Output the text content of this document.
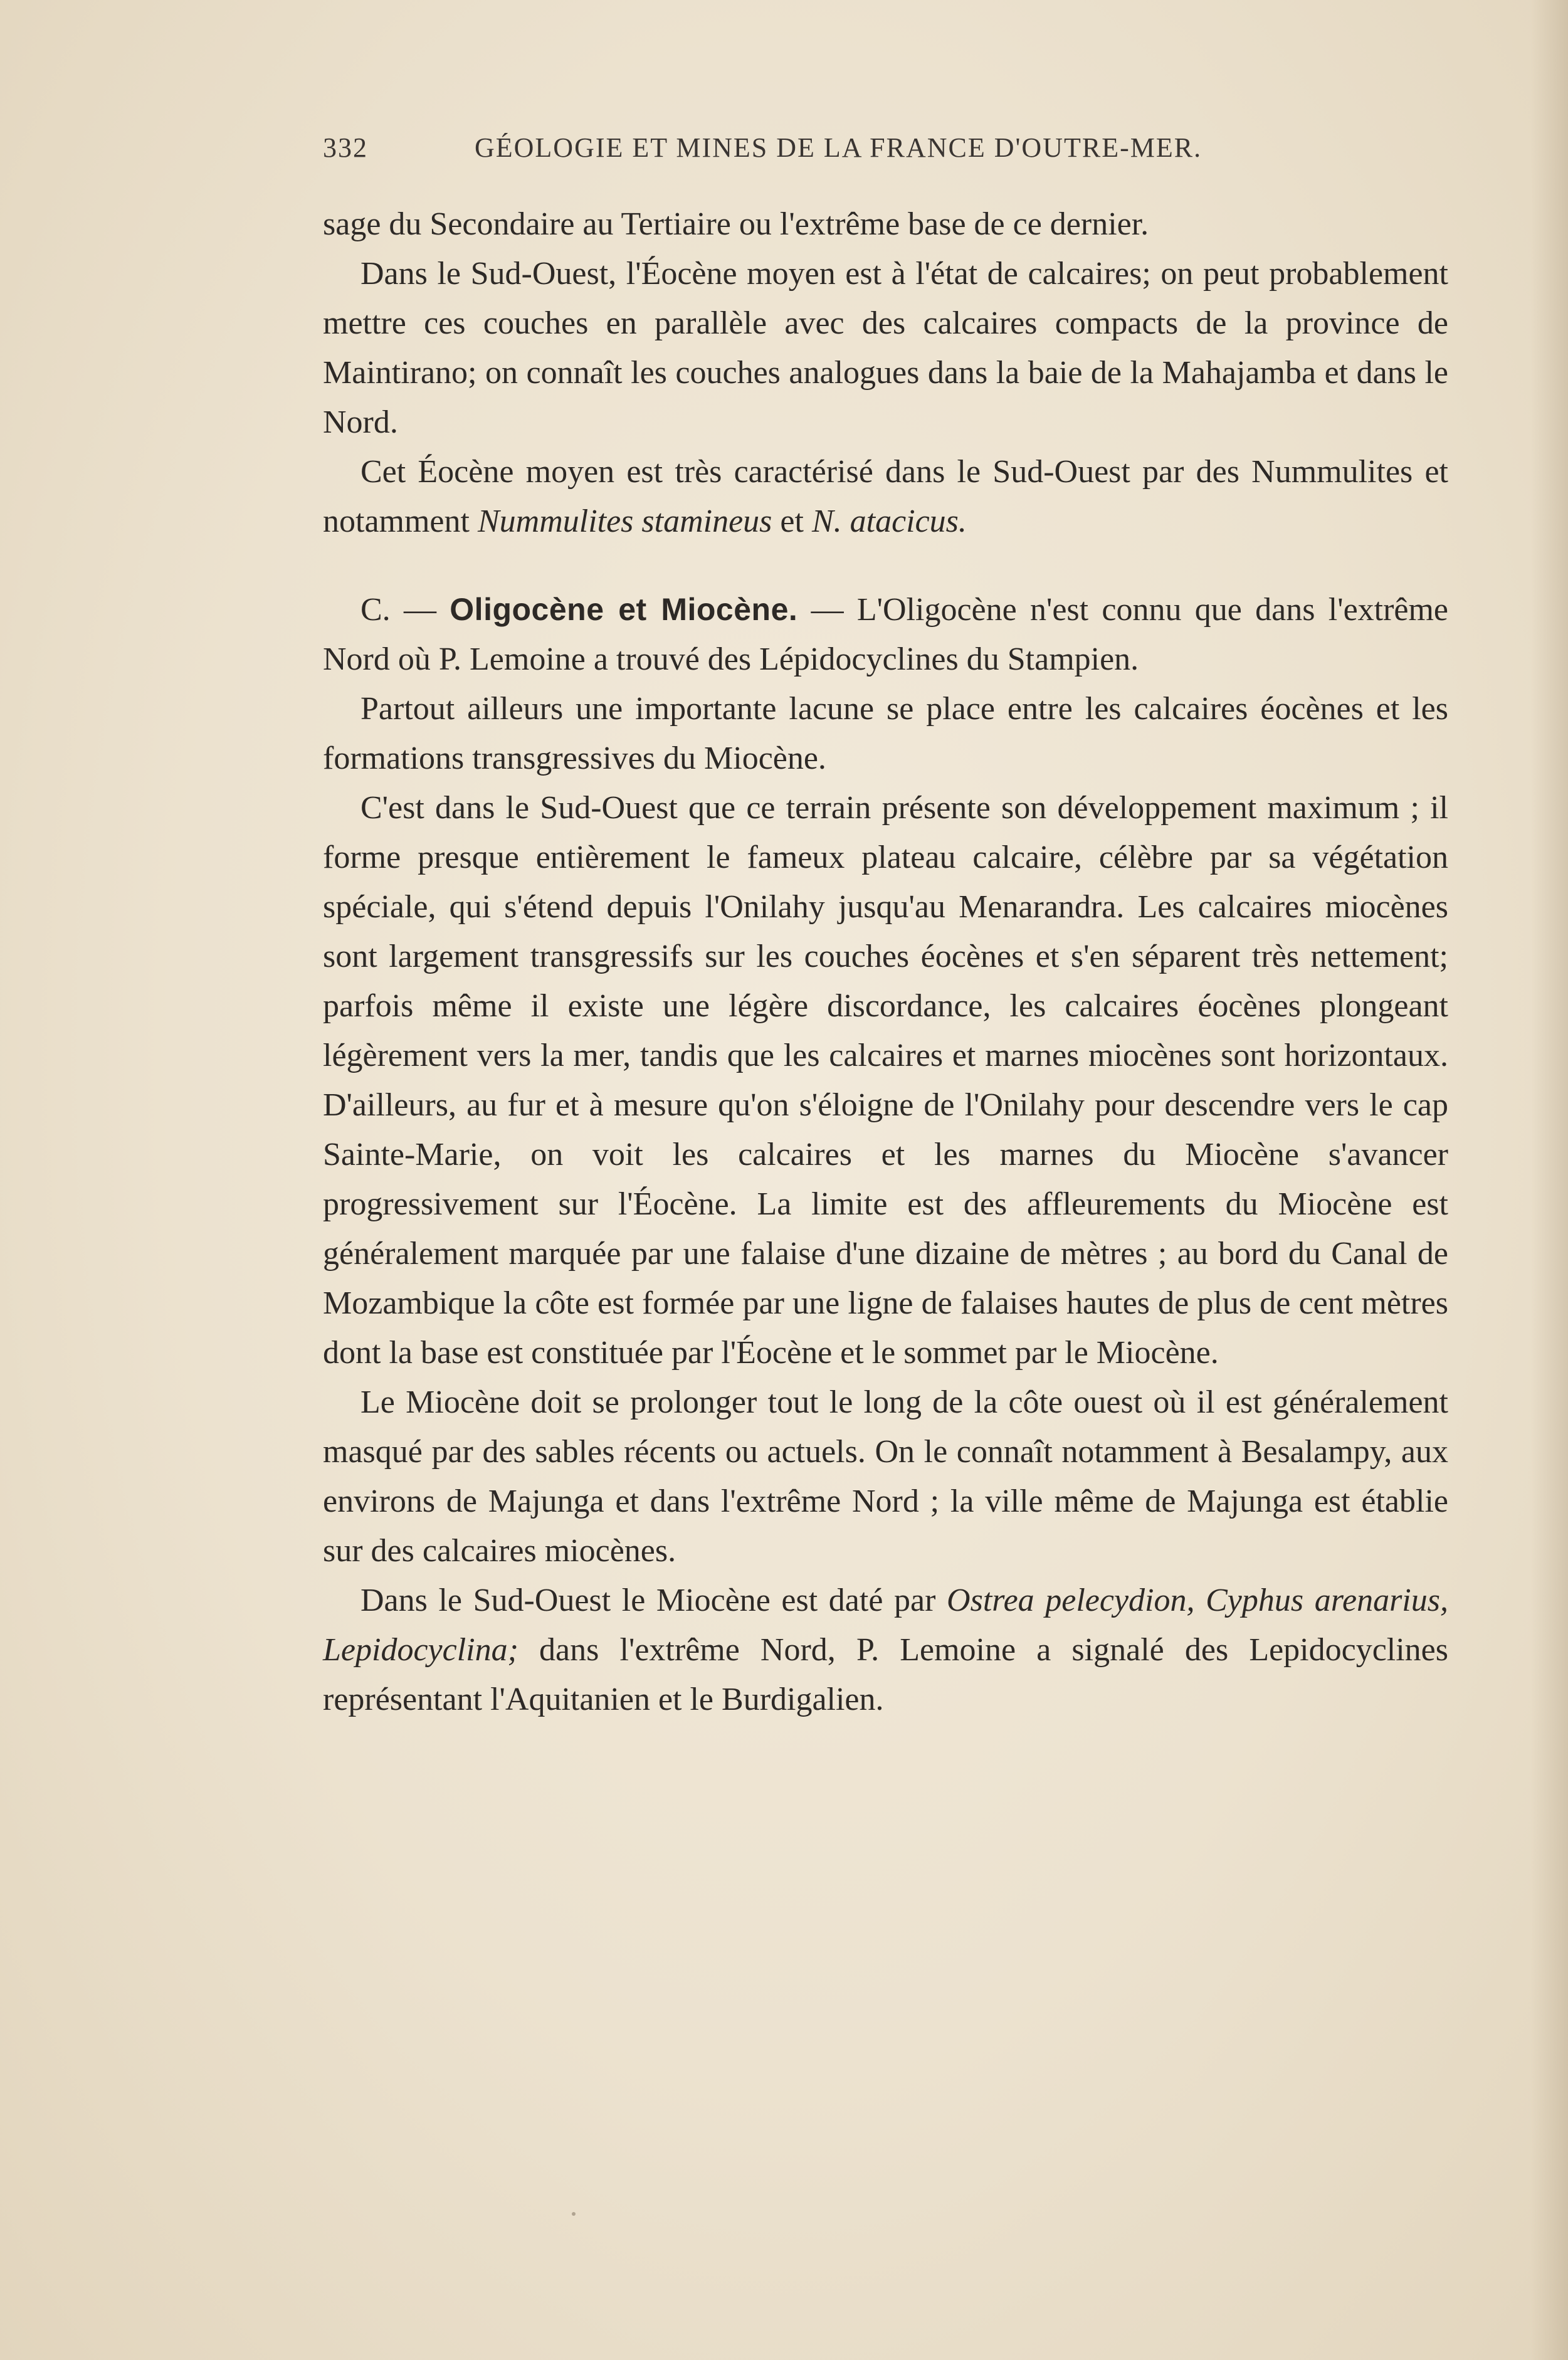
332	GÉOLOGIE ET MINES DE LA FRANCE D'OUTRE-MER.

sage du Secondaire au Tertiaire ou l'extrême base de ce dernier.

Dans le Sud-Ouest, l'Éocène moyen est à l'état de calcaires; on peut probablement mettre ces couches en parallèle avec des calcaires compacts de la province de Maintirano; on connaît les couches analogues dans la baie de la Mahajamba et dans le Nord.

Cet Éocène moyen est très caractérisé dans le Sud-Ouest par des Nummulites et notamment Nummulites stamineus et N. atacicus.

C. — Oligocène et Miocène. — L'Oligocène n'est connu que dans l'extrême Nord où P. Lemoine a trouvé des Lépidocyclines du Stampien.

Partout ailleurs une importante lacune se place entre les calcaires éocènes et les formations transgressives du Miocène.

C'est dans le Sud-Ouest que ce terrain présente son développement maximum ; il forme presque entièrement le fameux plateau calcaire, célèbre par sa végétation spéciale, qui s'étend depuis l'Onilahy jusqu'au Menarandra. Les calcaires miocènes sont largement transgressifs sur les couches éocènes et s'en séparent très nettement; parfois même il existe une légère discordance, les calcaires éocènes plongeant légèrement vers la mer, tandis que les calcaires et marnes miocènes sont horizontaux. D'ailleurs, au fur et à mesure qu'on s'éloigne de l'Onilahy pour descendre vers le cap Sainte-Marie, on voit les calcaires et les marnes du Miocène s'avancer progressivement sur l'Éocène. La limite est des affleurements du Miocène est généralement marquée par une falaise d'une dizaine de mètres ; au bord du Canal de Mozambique la côte est formée par une ligne de falaises hautes de plus de cent mètres dont la base est constituée par l'Éocène et le sommet par le Miocène.

Le Miocène doit se prolonger tout le long de la côte ouest où il est généralement masqué par des sables récents ou actuels. On le connaît notamment à Besalampy, aux environs de Majunga et dans l'extrême Nord ; la ville même de Majunga est établie sur des calcaires miocènes.

Dans le Sud-Ouest le Miocène est daté par Ostrea pelecydion, Cyphus arenarius, Lepidocyclina; dans l'extrême Nord, P. Lemoine a signalé des Lepidocyclines représentant l'Aquitanien et le Burdigalien.
